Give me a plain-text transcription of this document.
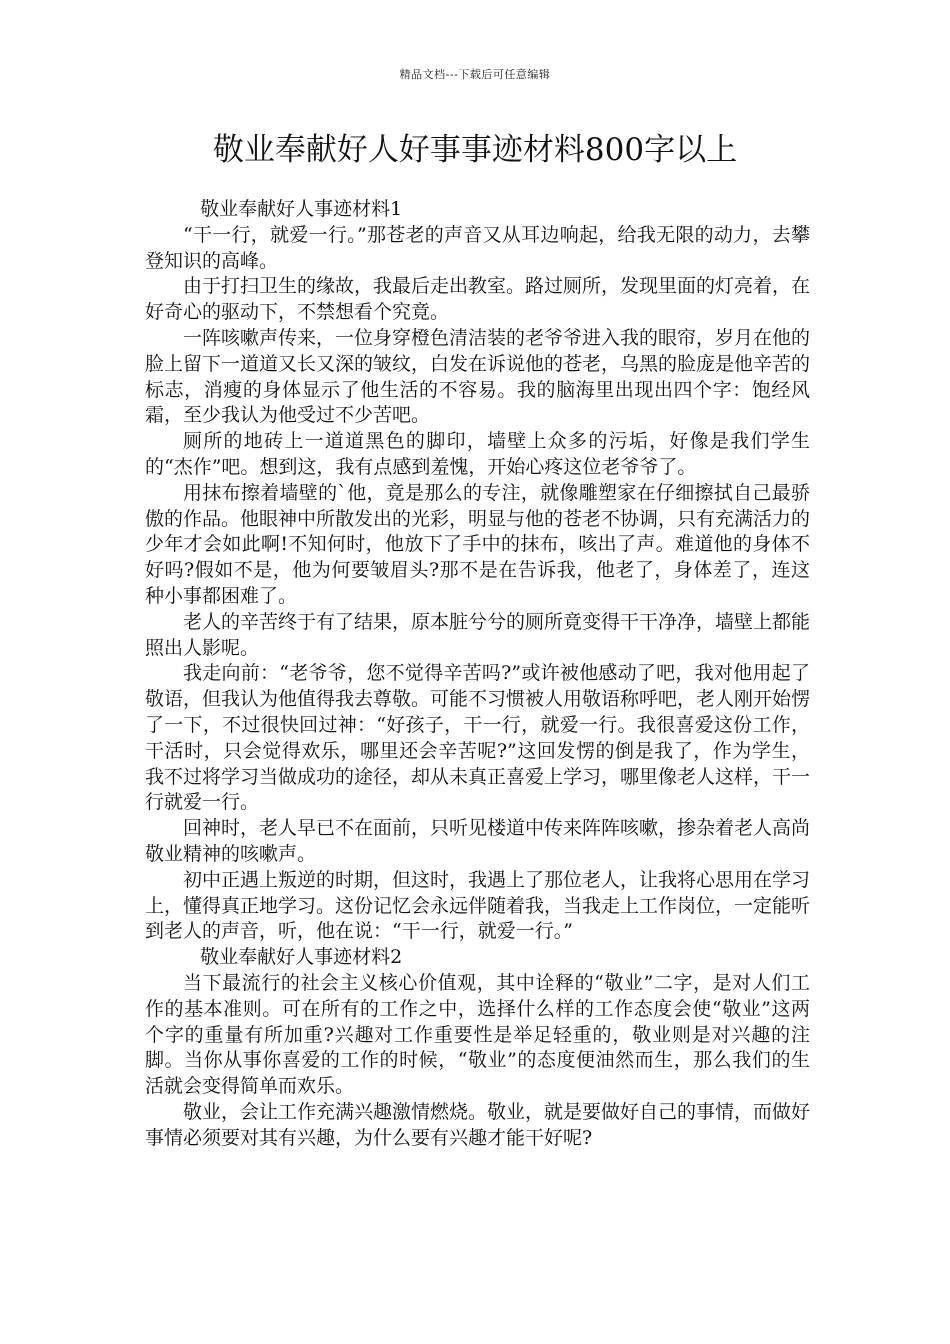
精品文档---下载后可任意编辑
敬业奉献好人好事事迹材料800字以上

敬业奉献好人事迹材料1

“干一行，就爱一行。”那苍老的声音又从耳边响起，给我无限的动力，去攀登知识的高峰。

由于打扫卫生的缘故，我最后走出教室。路过厕所，发现里面的灯亮着，在好奇心的驱动下，不禁想看个究竟。

一阵咳嗽声传来，一位身穿橙色清洁装的老爷爷进入我的眼帘，岁月在他的脸上留下一道道又长又深的皱纹，白发在诉说他的苍老，乌黑的脸庞是他辛苦的标志，消瘦的身体显示了他生活的不容易。我的脑海里出现出四个字：饱经风霜，至少我认为他受过不少苦吧。

厕所的地砖上一道道黑色的脚印，墙壁上众多的污垢，好像是我们学生的“杰作”吧。想到这，我有点感到羞愧，开始心疼这位老爷爷了。

用抹布擦着墙壁的`他，竟是那么的专注，就像雕塑家在仔细擦拭自己最骄傲的作品。他眼神中所散发出的光彩，明显与他的苍老不协调，只有充满活力的少年才会如此啊!不知何时，他放下了手中的抹布，咳出了声。难道他的身体不好吗?假如不是，他为何要皱眉头?那不是在告诉我，他老了，身体差了，连这种小事都困难了。

老人的辛苦终于有了结果，原本脏兮兮的厕所竟变得干干净净，墙壁上都能照出人影呢。

我走向前：“老爷爷，您不觉得辛苦吗?”或许被他感动了吧，我对他用起了敬语，但我认为他值得我去尊敬。可能不习惯被人用敬语称呼吧，老人刚开始愣了一下，不过很快回过神：“好孩子，干一行，就爱一行。我很喜爱这份工作，干活时，只会觉得欢乐，哪里还会辛苦呢?”这回发愣的倒是我了，作为学生，我不过将学习当做成功的途径，却从未真正喜爱上学习，哪里像老人这样，干一行就爱一行。

回神时，老人早已不在面前，只听见楼道中传来阵阵咳嗽，掺杂着老人高尚敬业精神的咳嗽声。

初中正遇上叛逆的时期，但这时，我遇上了那位老人，让我将心思用在学习上，懂得真正地学习。这份记忆会永远伴随着我，当我走上工作岗位，一定能听到老人的声音，听，他在说：“干一行，就爱一行。”

敬业奉献好人事迹材料2

当下最流行的社会主义核心价值观，其中诠释的“敬业”二字，是对人们工作的基本准则。可在所有的工作之中，选择什么样的工作态度会使“敬业”这两个字的重量有所加重?兴趣对工作重要性是举足轻重的，敬业则是对兴趣的注脚。当你从事你喜爱的工作的时候，“敬业”的态度便油然而生，那么我们的生活就会变得简单而欢乐。

敬业，会让工作充满兴趣激情燃烧。敬业，就是要做好自己的事情，而做好事情必须要对其有兴趣，为什么要有兴趣才能干好呢?
